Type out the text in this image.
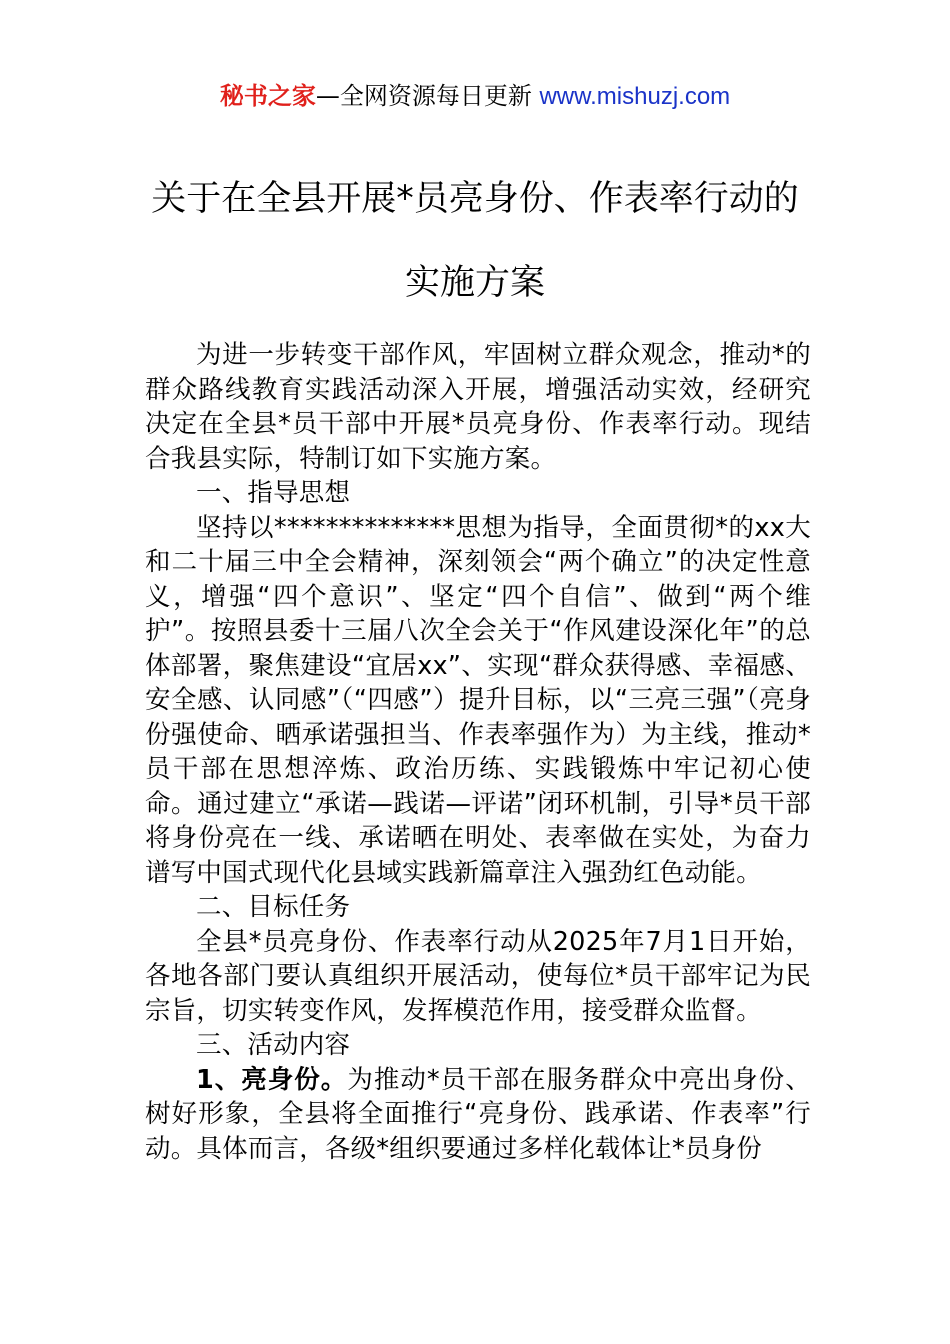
秘书之家—全网资源每日更新 www.mishuzj.com
关于在全县开展*员亮身份、作表率行动的
实施方案

为进一步转变干部作风，牢固树立群众观念，推动*的群众路线教育实践活动深入开展，增强活动实效，经研究决定在全县*员干部中开展*员亮身份、作表率行动。现结合我县实际，特制订如下实施方案。

一、指导思想

坚持以**************思想为指导，全面贯彻*的xx大和二十届三中全会精神，深刻领会“两个确立”的决定性意义，增强“四个意识”、坚定“四个自信”、做到“两个维护”。按照县委十三届八次全会关于“作风建设深化年”的总体部署，聚焦建设“宜居xx”、实现“群众获得感、幸福感、安全感、认同感”（“四感”）提升目标，以“三亮三强”（亮身份强使命、晒承诺强担当、作表率强作为）为主线，推动*员干部在思想淬炼、政治历练、实践锻炼中牢记初心使命。通过建立“承诺—践诺—评诺”闭环机制，引导*员干部将身份亮在一线、承诺晒在明处、表率做在实处，为奋力谱写中国式现代化县域实践新篇章注入强劲红色动能。

二、目标任务

全县*员亮身份、作表率行动从2025年7月1日开始，各地各部门要认真组织开展活动，使每位*员干部牢记为民宗旨，切实转变作风，发挥模范作用，接受群众监督。

三、活动内容

1、亮身份。为推动*员干部在服务群众中亮出身份、树好形象，全县将全面推行“亮身份、践承诺、作表率”行动。具体而言，各级*组织要通过多样化载体让*员身份
